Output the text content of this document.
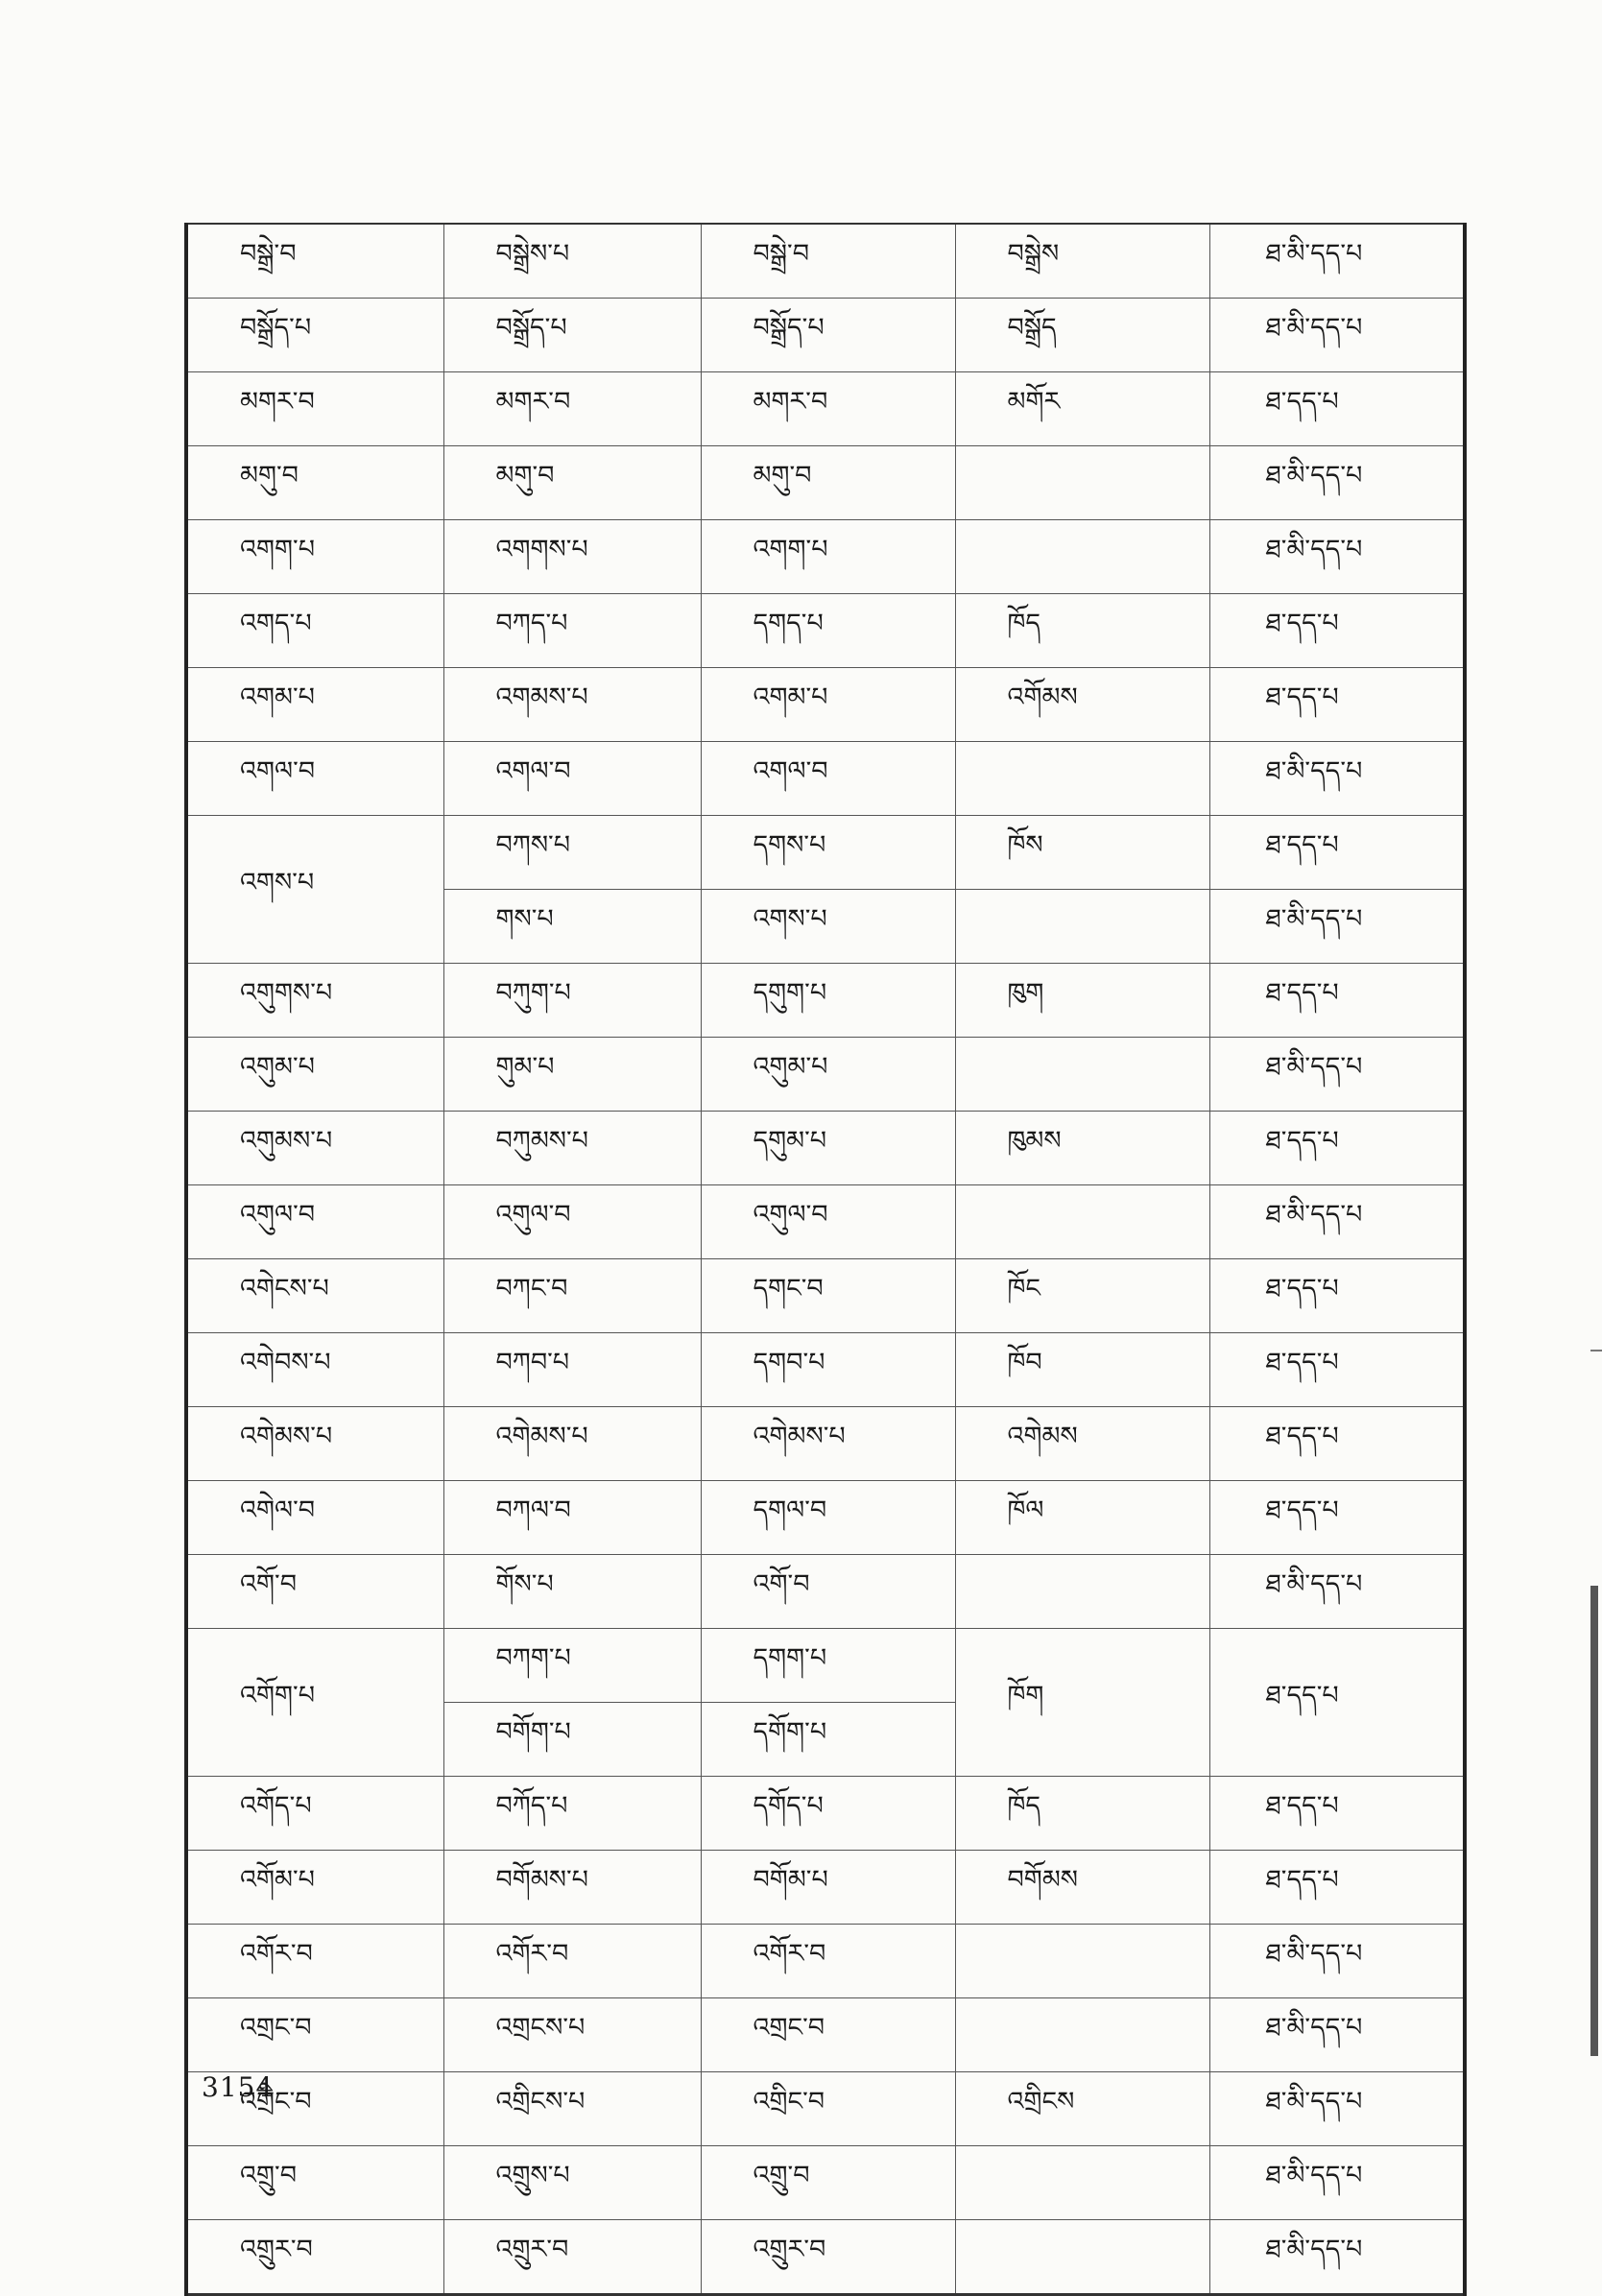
བསྒྲེ་བ	བསྒྲེས་པ	བསྒྲེ་བ	བསྒྲེས	ཐ་མི་དད་པ
བསྒྲོད་པ	བསྒྲོད་པ	བསྒྲོད་པ	བསྒྲོད	ཐ་མི་དད་པ
མགར་བ	མགར་བ	མགར་བ	མགོར	ཐ་དད་པ
མགུ་བ	མགུ་བ	མགུ་བ		ཐ་མི་དད་པ
འགག་པ	འགགས་པ	འགག་པ		ཐ་མི་དད་པ
འགད་པ	བཀད་པ	དགད་པ	ཁོད	ཐ་དད་པ
འགམ་པ	འགམས་པ	འགམ་པ	འགོམས	ཐ་དད་པ
འགལ་བ	འགལ་བ	འགལ་བ		ཐ་མི་དད་པ
འགས་པ	བཀས་པ	དགས་པ	ཁོས	ཐ་དད་པ
	གས་པ	འགས་པ		ཐ་མི་དད་པ
འགུགས་པ	བཀུག་པ	དགུག་པ	ཁུག	ཐ་དད་པ
འགུམ་པ	གུམ་པ	འགུམ་པ		ཐ་མི་དད་པ
འགུམས་པ	བཀུམས་པ	དགུམ་པ	ཁུམས	ཐ་དད་པ
འགུལ་བ	འགུལ་བ	འགུལ་བ		ཐ་མི་དད་པ
འགེངས་པ	བཀང་བ	དགང་བ	ཁོང	ཐ་དད་པ
འགེབས་པ	བཀབ་པ	དགབ་པ	ཁོབ	ཐ་དད་པ
འགེམས་པ	འགེམས་པ	འགེམས་པ	འགེམས	ཐ་དད་པ
འགེལ་བ	བཀལ་བ	དགལ་བ	ཁོལ	ཐ་དད་པ
འགོ་བ	གོས་པ	འགོ་བ		ཐ་མི་དད་པ
འགོག་པ	བཀག་པ	དགག་པ	ཁོག	ཐ་དད་པ
	བགོག་པ	དགོག་པ		
འགོད་པ	བཀོད་པ	དགོད་པ	ཁོད	ཐ་དད་པ
འགོམ་པ	བགོམས་པ	བགོམ་པ	བགོམས	ཐ་དད་པ
འགོར་བ	འགོར་བ	འགོར་བ		ཐ་མི་དད་པ
འགྲང་བ	འགྲངས་པ	འགྲང་བ		ཐ་མི་དད་པ
འགྲིང་བ	འགྲིངས་པ	འགྲིང་བ	འགྲིངས	ཐ་མི་དད་པ
འགྲུ་བ	འགྲུས་པ	འགྲུ་བ		ཐ་མི་དད་པ
འགྲུར་བ	འགྲུར་བ	འགྲུར་བ		ཐ་མི་དད་པ
3154
